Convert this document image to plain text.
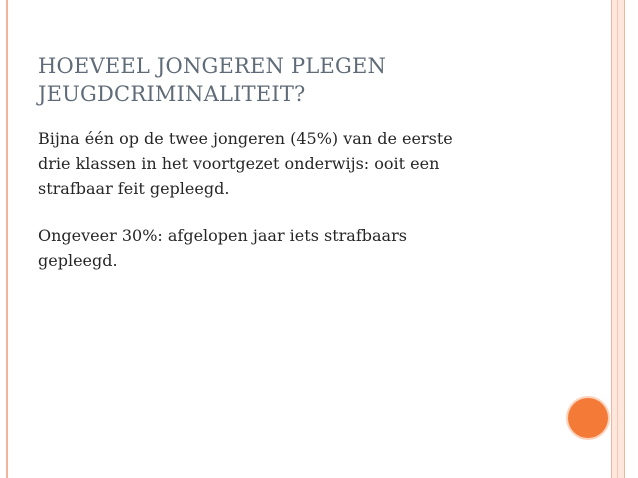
HOEVEEL JONGEREN PLEGEN
JEUGDCRIMINALITEIT?

Bijna één op de twee jongeren (45%) van de eerste
drie klassen in het voortgezet onderwijs: ooit een
strafbaar feit gepleegd.

Ongeveer 30%: afgelopen jaar iets strafbaars
gepleegd.
